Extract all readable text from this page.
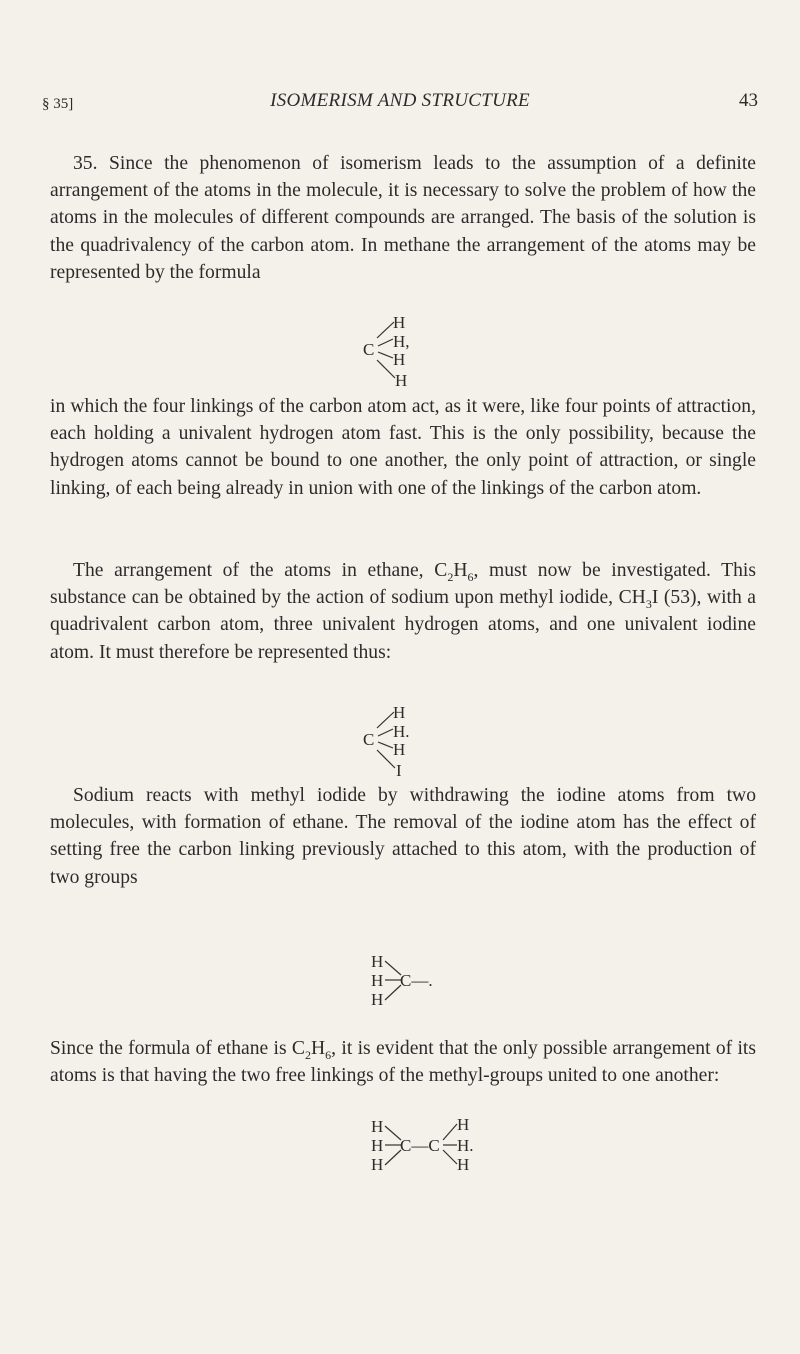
§ 35]	ISOMERISM AND STRUCTURE	43

35. Since the phenomenon of isomerism leads to the assumption of a definite arrangement of the atoms in the molecule, it is necessary to solve the problem of how the atoms in the molecules of different compounds are arranged. The basis of the solution is the quadrivalency of the carbon atom. In methane the arrangement of the atoms may be represented by the formula

H
C H,
H
H

in which the four linkings of the carbon atom act, as it were, like four points of attraction, each holding a univalent hydrogen atom fast. This is the only possibility, because the hydrogen atoms cannot be bound to one another, the only point of attraction, or single linking, of each being already in union with one of the linkings of the carbon atom.

The arrangement of the atoms in ethane, $C_2H_6$, must now be investigated. This substance can be obtained by the action of sodium upon methyl iodide, $CH_3I$ (53), with a quadrivalent carbon atom, three univalent hydrogen atoms, and one univalent iodine atom. It must therefore be represented thus:

H
C H.
H
I

Sodium reacts with methyl iodide by withdrawing the iodine atoms from two molecules, with formation of ethane. The removal of the iodine atom has the effect of setting free the carbon linking previously attached to this atom, with the production of two groups

H
H
H
C—.

Since the formula of ethane is $C_2H_6$, it is evident that the only possible arrangement of its atoms is that having the two free linkings of the methyl-groups united to one another:

H
H
H
C—C
H
H.
H
